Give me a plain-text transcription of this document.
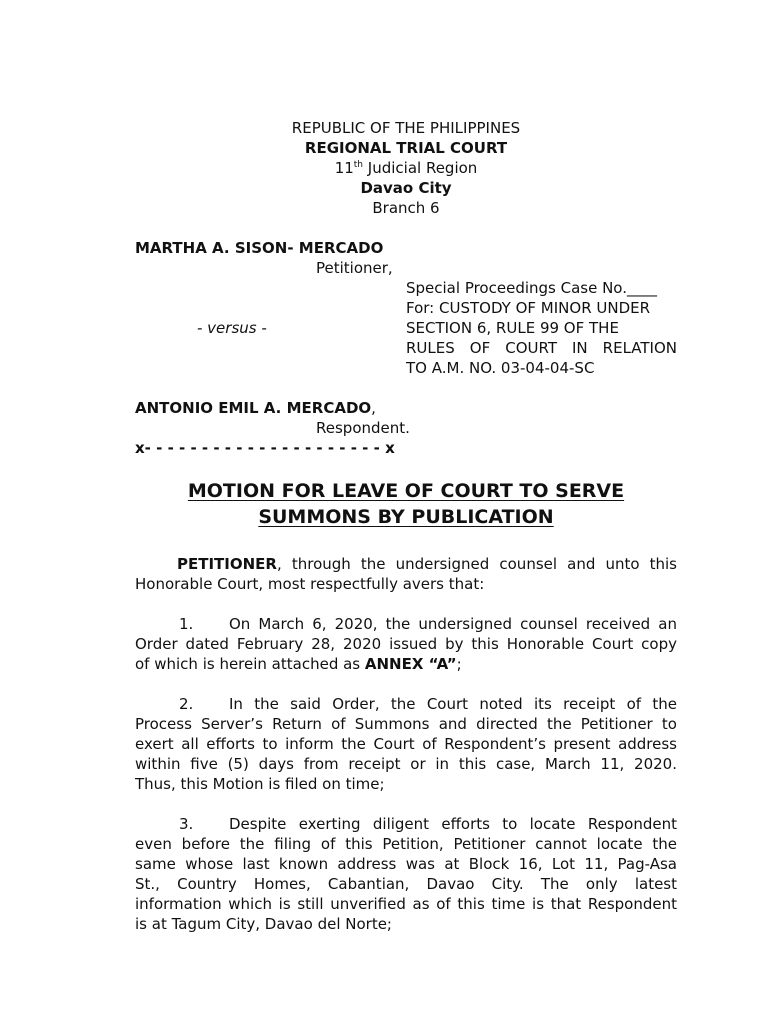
REPUBLIC OF THE PHILIPPINES
REGIONAL TRIAL COURT
11th Judicial Region
Davao City
Branch 6
MARTHA A. SISON- MERCADO
Petitioner,
Special Proceedings Case No.____
For: CUSTODY OF MINOR UNDER
SECTION 6, RULE 99 OF THE
RULES OF COURT IN RELATION
TO A.M. NO. 03-04-04-SC
- versus -
ANTONIO EMIL A. MERCADO,
Respondent.
x- - - - - - - - - - - - - - - - - - - - - x
MOTION FOR LEAVE OF COURT TO SERVE
SUMMONS BY PUBLICATION
PETITIONER, through the undersigned counsel and unto this
Honorable Court, most respectfully avers that:
1. On March 6, 2020, the undersigned counsel received an
Order dated February 28, 2020 issued by this Honorable Court copy
of which is herein attached as ANNEX “A”;
2. In the said Order, the Court noted its receipt of the
Process Server’s Return of Summons and directed the Petitioner to
exert all efforts to inform the Court of Respondent’s present address
within five (5) days from receipt or in this case, March 11, 2020.
Thus, this Motion is filed on time;
3. Despite exerting diligent efforts to locate Respondent
even before the filing of this Petition, Petitioner cannot locate the
same whose last known address was at Block 16, Lot 11, Pag-Asa
St., Country Homes, Cabantian, Davao City. The only latest
information which is still unverified as of this time is that Respondent
is at Tagum City, Davao del Norte;
